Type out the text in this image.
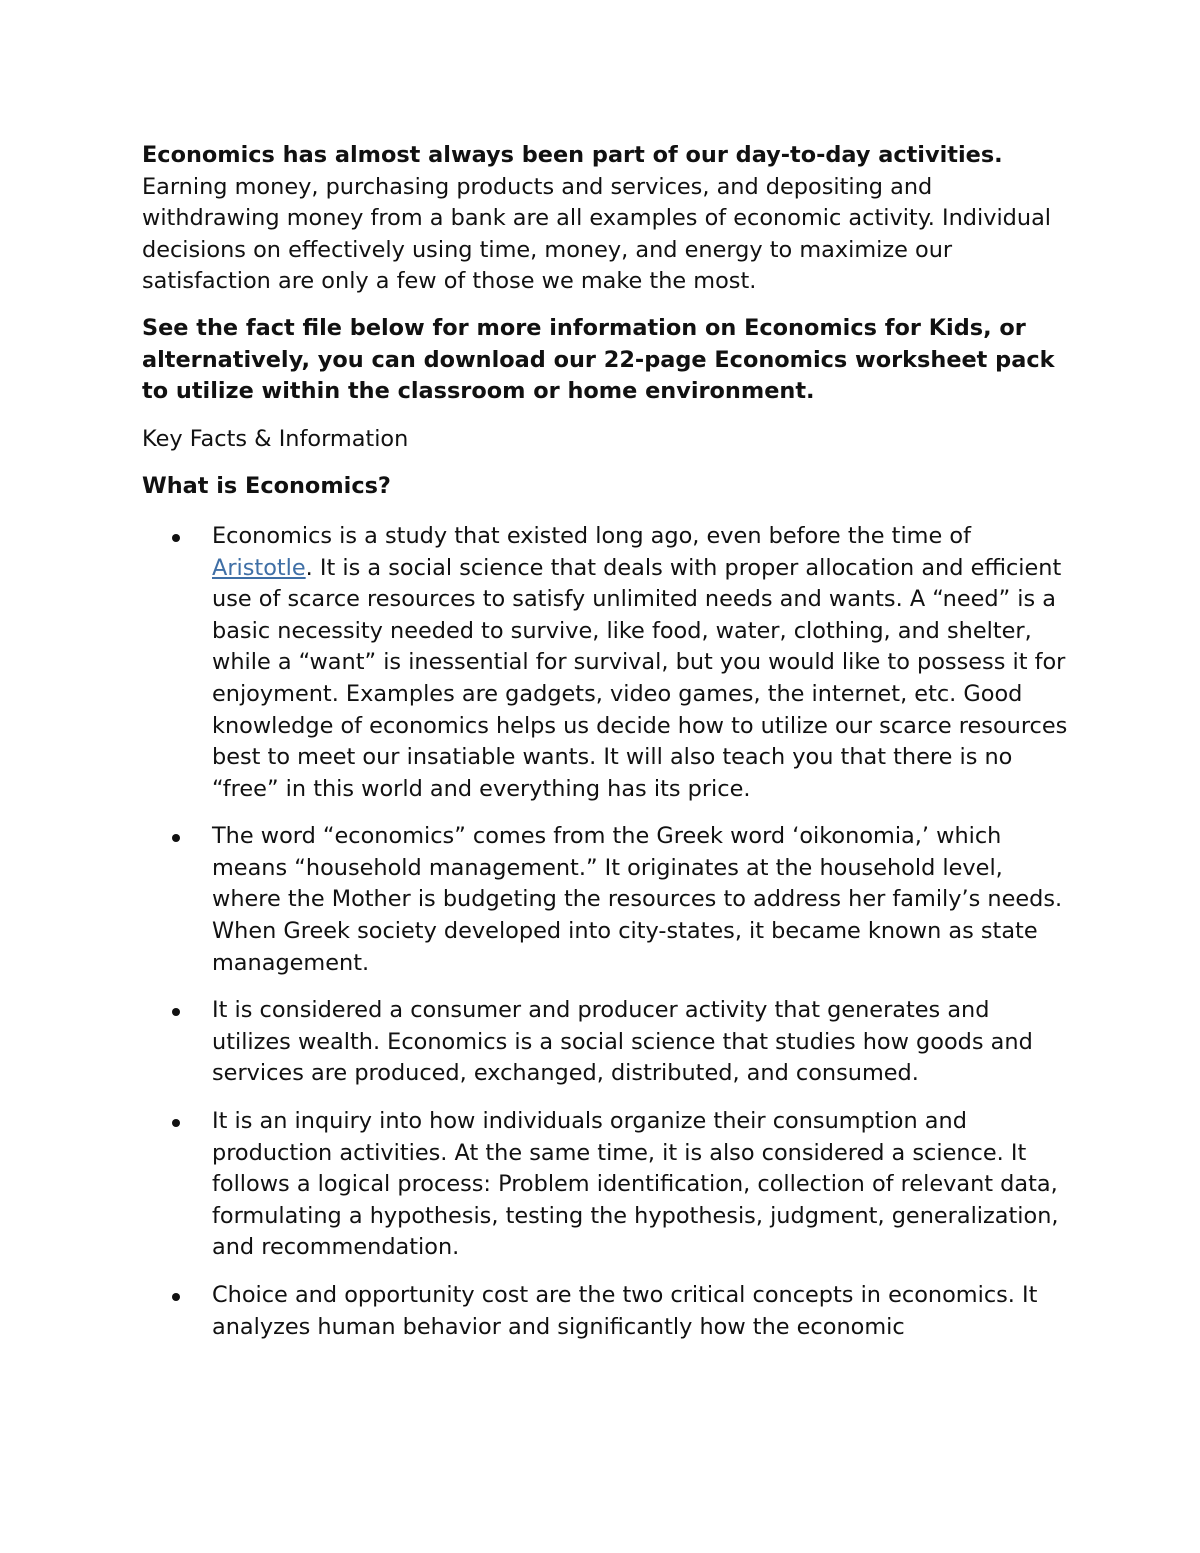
Economics has almost always been part of our day-to-day activities. Earning money, purchasing products and services, and depositing and withdrawing money from a bank are all examples of economic activity. Individual decisions on effectively using time, money, and energy to maximize our satisfaction are only a few of those we make the most.

See the fact file below for more information on Economics for Kids, or alternatively, you can download our 22-page Economics worksheet pack to utilize within the classroom or home environment.

Key Facts & Information

What is Economics?

Economics is a study that existed long ago, even before the time of Aristotle. It is a social science that deals with proper allocation and efficient use of scarce resources to satisfy unlimited needs and wants. A “need” is a basic necessity needed to survive, like food, water, clothing, and shelter, while a “want” is inessential for survival, but you would like to possess it for enjoyment. Examples are gadgets, video games, the internet, etc. Good knowledge of economics helps us decide how to utilize our scarce resources best to meet our insatiable wants. It will also teach you that there is no “free” in this world and everything has its price.
The word “economics” comes from the Greek word ‘oikonomia,’ which means “household management.” It originates at the household level, where the Mother is budgeting the resources to address her family’s needs. When Greek society developed into city-states, it became known as state management.
It is considered a consumer and producer activity that generates and utilizes wealth. Economics is a social science that studies how goods and services are produced, exchanged, distributed, and consumed.
It is an inquiry into how individuals organize their consumption and production activities. At the same time, it is also considered a science. It follows a logical process: Problem identification, collection of relevant data, formulating a hypothesis, testing the hypothesis, judgment, generalization, and recommendation.
Choice and opportunity cost are the two critical concepts in economics. It analyzes human behavior and significantly how the economic
